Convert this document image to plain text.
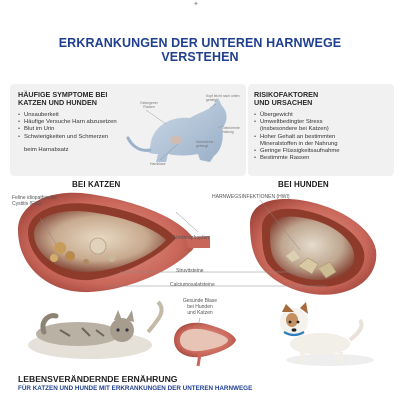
✦
ERKRANKUNGEN DER UNTEREN HARNWEGE
VERSTEHEN
HÄUFIGE SYMPTOME BEI
KATZEN UND HUNDEN
• Unsauberkeit
• Häufige Versuche Harn abzusetzen
• Blut im Urin
• Schwierigkeiten und Schmerzen
beim Harnabsatz
RISIKOFAKTOREN
UND URSACHEN
• Übergewicht
• Umweltbedingter Stress
(insbesondere bei Katzen)
• Hoher Gehalt an bestimmten
Mineralstoffen in der Nahrung
• Geringe Flüssigkeitsaufnahme
• Bestimmte Rassen
Gelungener Rücken
Kopf leicht nach unten geneigt
Gekrümmte Haltung
Harnblase
Hinterbeine gebeugt
BEI KATZEN	BEI HUNDEN
Feline idiopathische
Cystitis (FIC)
Urethrapfropfen
HARNWEGSINFEKTIONEN (HWI)
Struvitsteine
Calciumoxalatsteine
Gesunde Blase
bei Hunden
und Katzen
LEBENSVERÄNDERNDE ERNÄHRUNG
FÜR KATZEN UND HUNDE MIT ERKRANKUNGEN DER UNTEREN HARNWEGE
